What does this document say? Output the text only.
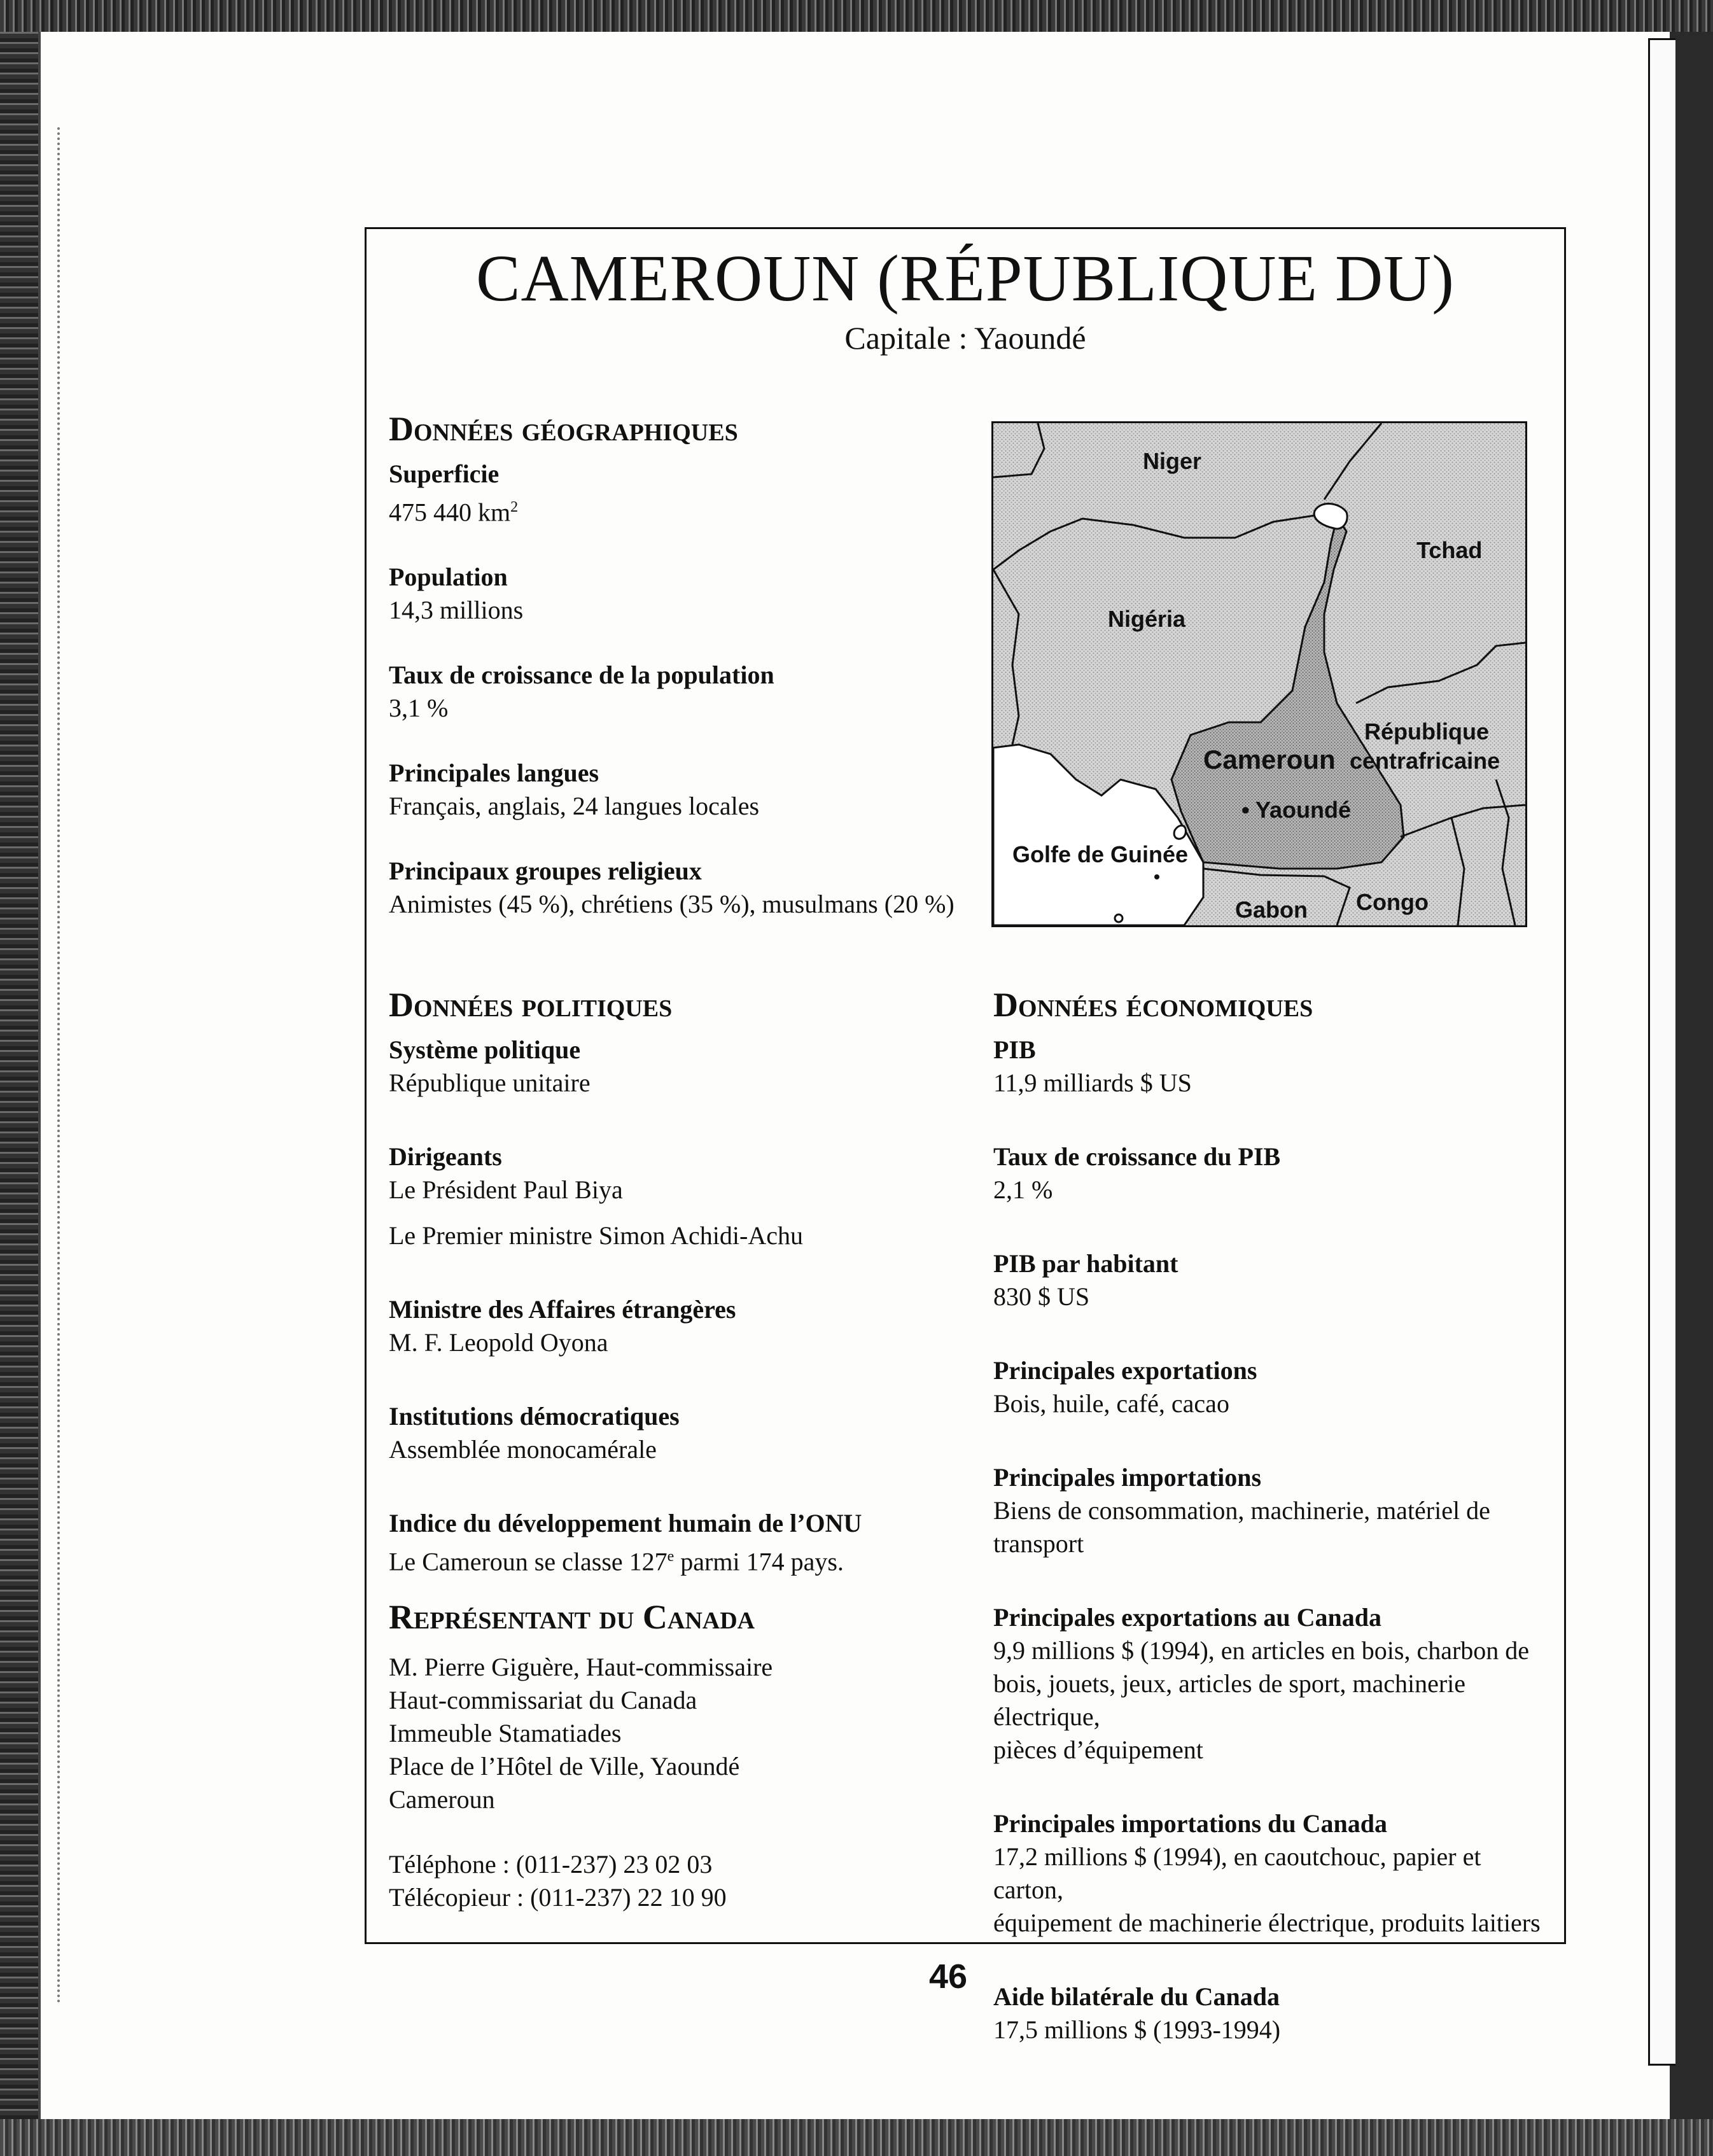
CAMEROUN (RÉPUBLIQUE DU)
Capitale : Yaoundé
Données géographiques
Superficie
475 440 $km^2$
Population
14,3 millions
Taux de croissance de la population
3,1 %
Principales langues
Français, anglais, 24 langues locales
Principaux groupes religieux
Animistes (45 %), chrétiens (35 %), musulmans (20 %)
Niger
Tchad
Nigéria
République
centrafricaine
Cameroun
• Yaoundé
Golfe de Guinée
Gabon Congo
Données politiques
Système politique
République unitaire
Dirigeants
Le Président Paul Biya
Le Premier ministre Simon Achidi-Achu
Ministre des Affaires étrangères
M. F. Leopold Oyona
Institutions démocratiques
Assemblée monocamérale
Indice du développement humain de l’ONU
Le Cameroun se classe 127e parmi 174 pays.
Représentant du Canada
M. Pierre Giguère, Haut-commissaire
Haut-commissariat du Canada
Immeuble Stamatiades
Place de l’Hôtel de Ville, Yaoundé
Cameroun
Téléphone : (011-237) 23 02 03
Télécopieur : (011-237) 22 10 90
Données économiques
PIB
11,9 milliards $ US
Taux de croissance du PIB
2,1 %
PIB par habitant
830 $ US
Principales exportations
Bois, huile, café, cacao
Principales importations
Biens de consommation, machinerie, matériel de
transport
Principales exportations au Canada
9,9 millions $ (1994), en articles en bois, charbon de
bois, jouets, jeux, articles de sport, machinerie électrique,
pièces d’équipement
Principales importations du Canada
17,2 millions $ (1994), en caoutchouc, papier et carton,
équipement de machinerie électrique, produits laitiers
Aide bilatérale du Canada
17,5 millions $ (1993-1994)
46
